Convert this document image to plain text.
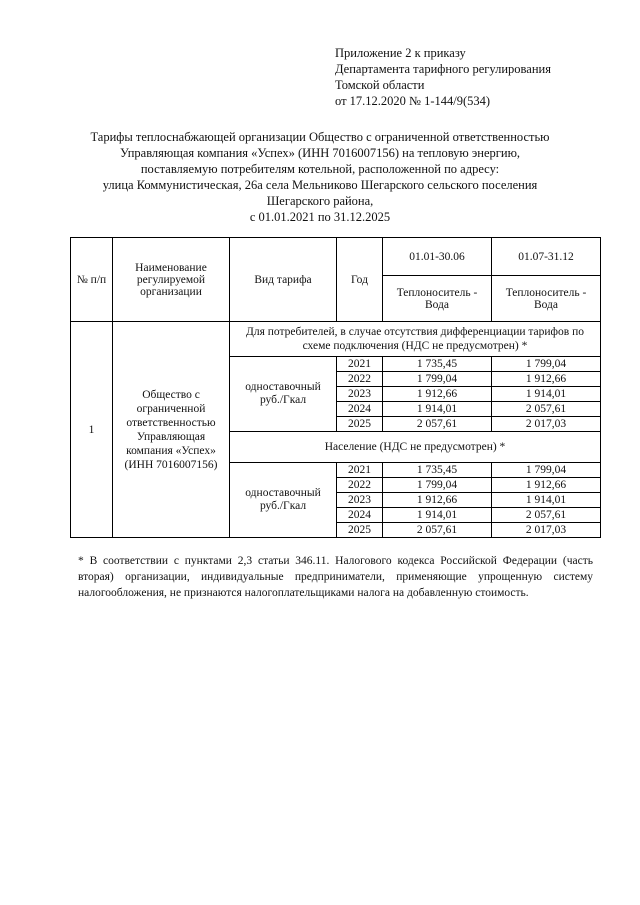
Приложение 2 к приказу
Департамента тарифного регулирования
Томской области
от 17.12.2020 № 1-144/9(534)
Тарифы теплоснабжающей организации Общество с ограниченной ответственностью
Управляющая компания «Успех» (ИНН 7016007156) на тепловую энергию,
поставляемую потребителям котельной, расположенной по адресу:
улица Коммунистическая, 26а села Мельниково Шегарского сельского поселения
Шегарского района,
с 01.01.2021 по 31.12.2025
№ п/п	Наименование регулируемой организации	Вид тарифа	Год	01.01-30.06	01.07-31.12
				Теплоноситель - Вода	Теплоноситель - Вода
1	Общество с ограниченной ответственностью Управляющая компания «Успех» (ИНН 7016007156)	Для потребителей, в случае отсутствия дифференциации тарифов по схеме подключения (НДС не предусмотрен) *			
		одноставочный руб./Гкал	2021	1 735,45	1 799,04
			2022	1 799,04	1 912,66
			2023	1 912,66	1 914,01
			2024	1 914,01	2 057,61
			2025	2 057,61	2 017,03
		Население (НДС не предусмотрен) *			
		одноставочный руб./Гкал	2021	1 735,45	1 799,04
			2022	1 799,04	1 912,66
			2023	1 912,66	1 914,01
			2024	1 914,01	2 057,61
			2025	2 057,61	2 017,03
* В соответствии с пунктами 2,3 статьи 346.11. Налогового кодекса Российской Федерации (часть вторая) организации, индивидуальные предприниматели, применяющие упрощенную систему налогообложения, не признаются налогоплательщиками налога на добавленную стоимость.
